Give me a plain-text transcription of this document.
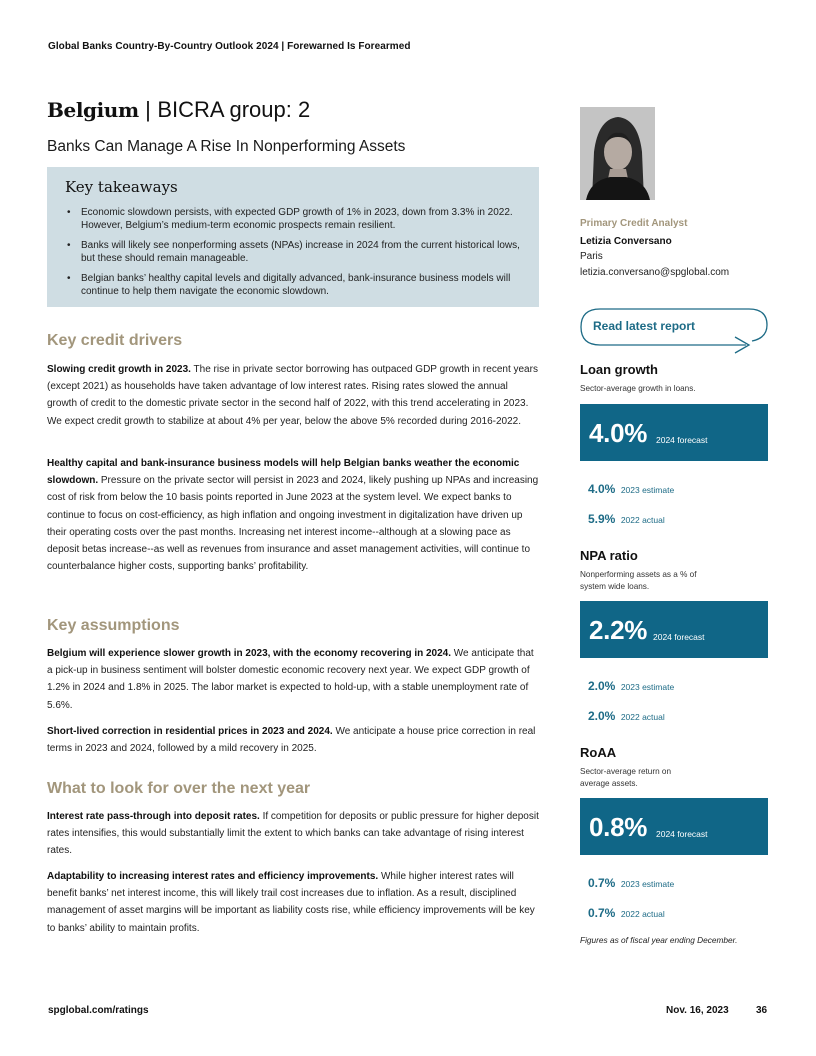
Global Banks Country-By-Country Outlook 2024 | Forewarned Is Forearmed
Belgium | BICRA group: 2
Banks Can Manage A Rise In Nonperforming Assets
Key takeaways
• Economic slowdown persists, with expected GDP growth of 1% in 2023, down from 3.3% in 2022. However, Belgium’s medium-term economic prospects remain resilient.
• Banks will likely see nonperforming assets (NPAs) increase in 2024 from the current historical lows, but these should remain manageable.
• Belgian banks’ healthy capital levels and digitally advanced, bank-insurance business models will continue to help them navigate the economic slowdown.
Key credit drivers
Slowing credit growth in 2023. The rise in private sector borrowing has outpaced GDP growth in recent years (except 2021) as households have taken advantage of low interest rates. Rising rates slowed the annual growth of credit to the domestic private sector in the second half of 2022, with this trend accelerating in 2023. We expect credit growth to stabilize at about 4% per year, below the above 5% recorded during 2016-2022.
Healthy capital and bank-insurance business models will help Belgian banks weather the economic slowdown. Pressure on the private sector will persist in 2023 and 2024, likely pushing up NPAs and increasing cost of risk from below the 10 basis points reported in June 2023 at the system level. We expect banks to continue to focus on cost-efficiency, as high inflation and ongoing investment in digitalization have driven up their operating costs over the past months. Increasing net interest income--although at a slowing pace as deposit betas increase--as well as revenues from insurance and asset management activities, will continue to counterbalance higher costs, supporting banks’ profitability.
Key assumptions
Belgium will experience slower growth in 2023, with the economy recovering in 2024. We anticipate that a pick-up in business sentiment will bolster domestic economic recovery next year. We expect GDP growth of 1.2% in 2024 and 1.8% in 2025. The labor market is expected to hold-up, with a stable unemployment rate of 5.6%.
Short-lived correction in residential prices in 2023 and 2024. We anticipate a house price correction in real terms in 2023 and 2024, followed by a mild recovery in 2025.
What to look for over the next year
Interest rate pass-through into deposit rates. If competition for deposits or public pressure for higher deposit rates intensifies, this would substantially limit the extent to which banks can take advantage of rising interest rates.
Adaptability to increasing interest rates and efficiency improvements. While higher interest rates will benefit banks’ net interest income, this will likely trail cost increases due to inflation. As a result, disciplined management of asset margins will be important as liability costs rise, while efficiency improvements will be key to banks’ ability to maintain profits.
Primary Credit Analyst
Letizia Conversano
Paris
letizia.conversano@spglobal.com
Read latest report
Loan growth
Sector-average growth in loans.
4.0% 2024 forecast
4.0% 2023 estimate
5.9% 2022 actual
NPA ratio
Nonperforming assets as a % of system wide loans.
2.2% 2024 forecast
2.0% 2023 estimate
2.0% 2022 actual
RoAA
Sector-average return on average assets.
0.8% 2024 forecast
0.7% 2023 estimate
0.7% 2022 actual
Figures as of fiscal year ending December.
spglobal.com/ratings	Nov. 16, 2023	36
